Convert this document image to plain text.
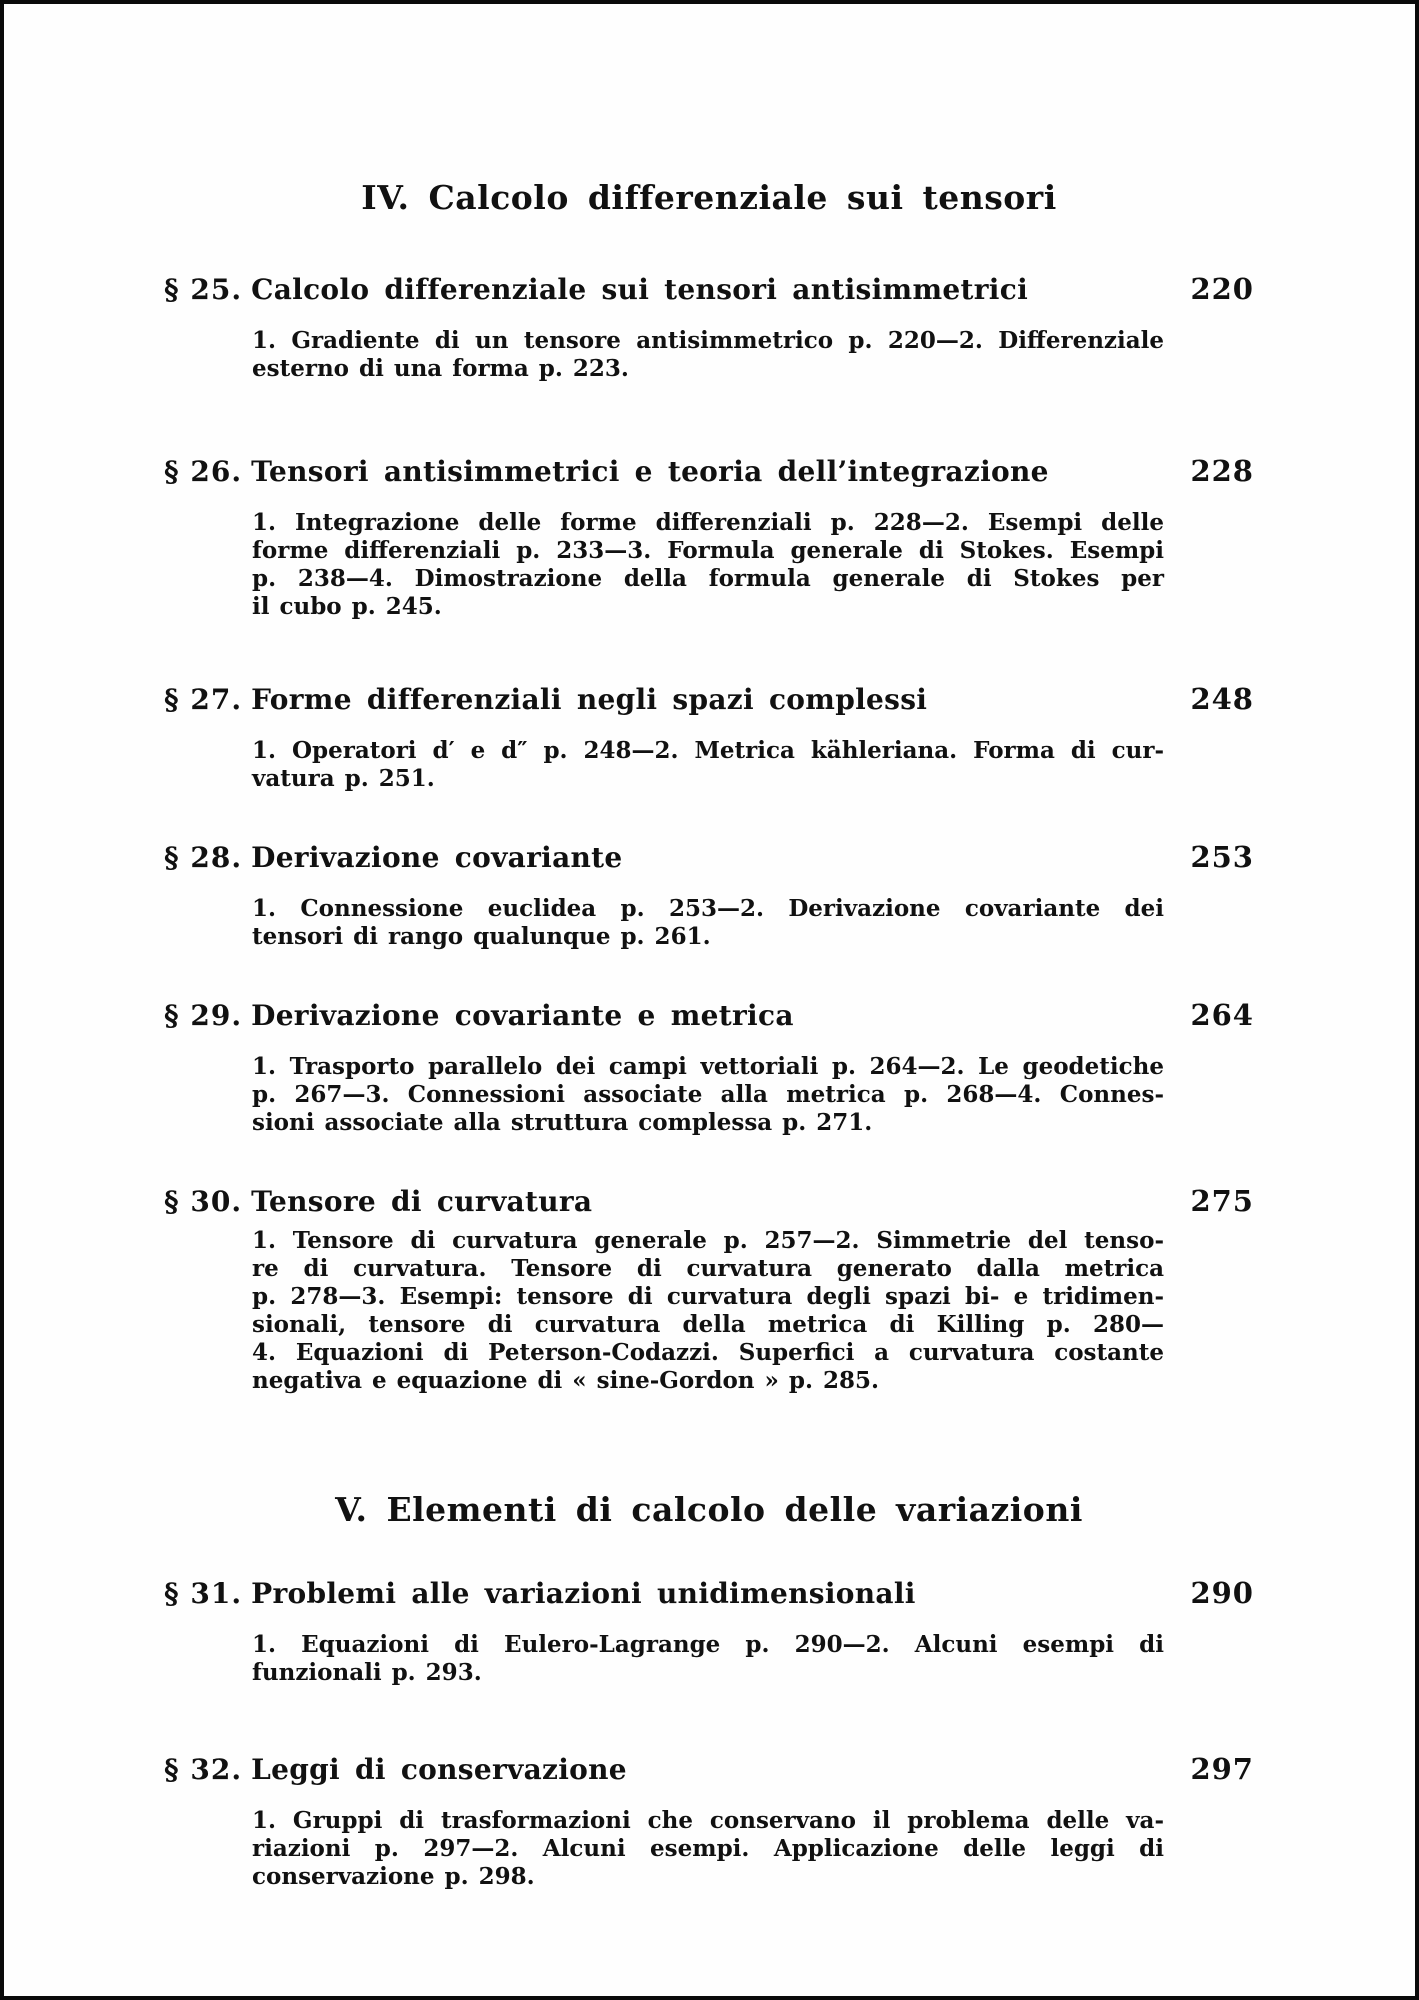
IV. Calcolo differenziale sui tensori
§ 25. Calcolo differenziale sui tensori antisimmetrici	220
1. Gradiente di un tensore antisimmetrico p. 220—2. Differenziale
esterno di una forma p. 223.
§ 26. Tensori antisimmetrici e teoria dell’integrazione	228
1. Integrazione delle forme differenziali p. 228—2. Esempi delle
forme differenziali p. 233—3. Formula generale di Stokes. Esempi
p. 238—4. Dimostrazione della formula generale di Stokes per
il cubo p. 245.
§ 27. Forme differenziali negli spazi complessi	248
1. Operatori d′ e d″ p. 248—2. Metrica kähleriana. Forma di cur-
vatura p. 251.
§ 28. Derivazione covariante	253
1. Connessione euclidea p. 253—2. Derivazione covariante dei
tensori di rango qualunque p. 261.
§ 29. Derivazione covariante e metrica	264
1. Trasporto parallelo dei campi vettoriali p. 264—2. Le geodetiche
p. 267—3. Connessioni associate alla metrica p. 268—4. Connes-
sioni associate alla struttura complessa p. 271.
§ 30. Tensore di curvatura	275
1. Tensore di curvatura generale p. 257—2. Simmetrie del tenso-
re di curvatura. Tensore di curvatura generato dalla metrica
p. 278—3. Esempi: tensore di curvatura degli spazi bi- e tridimen-
sionali, tensore di curvatura della metrica di Killing p. 280—
4. Equazioni di Peterson-Codazzi. Superfici a curvatura costante
negativa e equazione di « sine-Gordon » p. 285.
V. Elementi di calcolo delle variazioni
§ 31. Problemi alle variazioni unidimensionali	290
1. Equazioni di Eulero-Lagrange p. 290—2. Alcuni esempi di
funzionali p. 293.
§ 32. Leggi di conservazione	297
1. Gruppi di trasformazioni che conservano il problema delle va-
riazioni p. 297—2. Alcuni esempi. Applicazione delle leggi di
conservazione p. 298.
